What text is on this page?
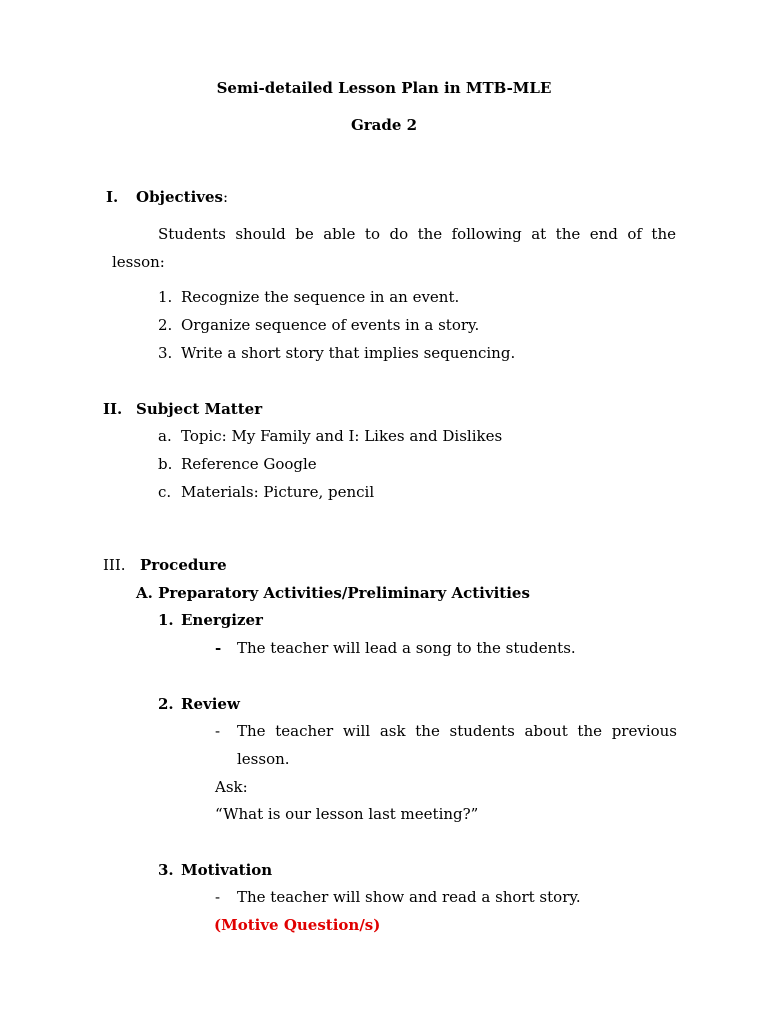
Semi-detailed Lesson Plan in MTB-MLE
Grade 2
I. Objectives:
Students should be able to do the following at the end of the
lesson:
1. Recognize the sequence in an event.
2. Organize sequence of events in a story.
3. Write a short story that implies sequencing.
II. Subject Matter
a. Topic: My Family and I: Likes and Dislikes
b. Reference Google
c. Materials: Picture, pencil
III. Procedure
A. Preparatory Activities/Preliminary Activities
1. Energizer
- The teacher will lead a song to the students.
2. Review
- The teacher will ask the students about the previous
lesson.
Ask:
“What is our lesson last meeting?”
3. Motivation
- The teacher will show and read a short story.
(Motive Question/s)
